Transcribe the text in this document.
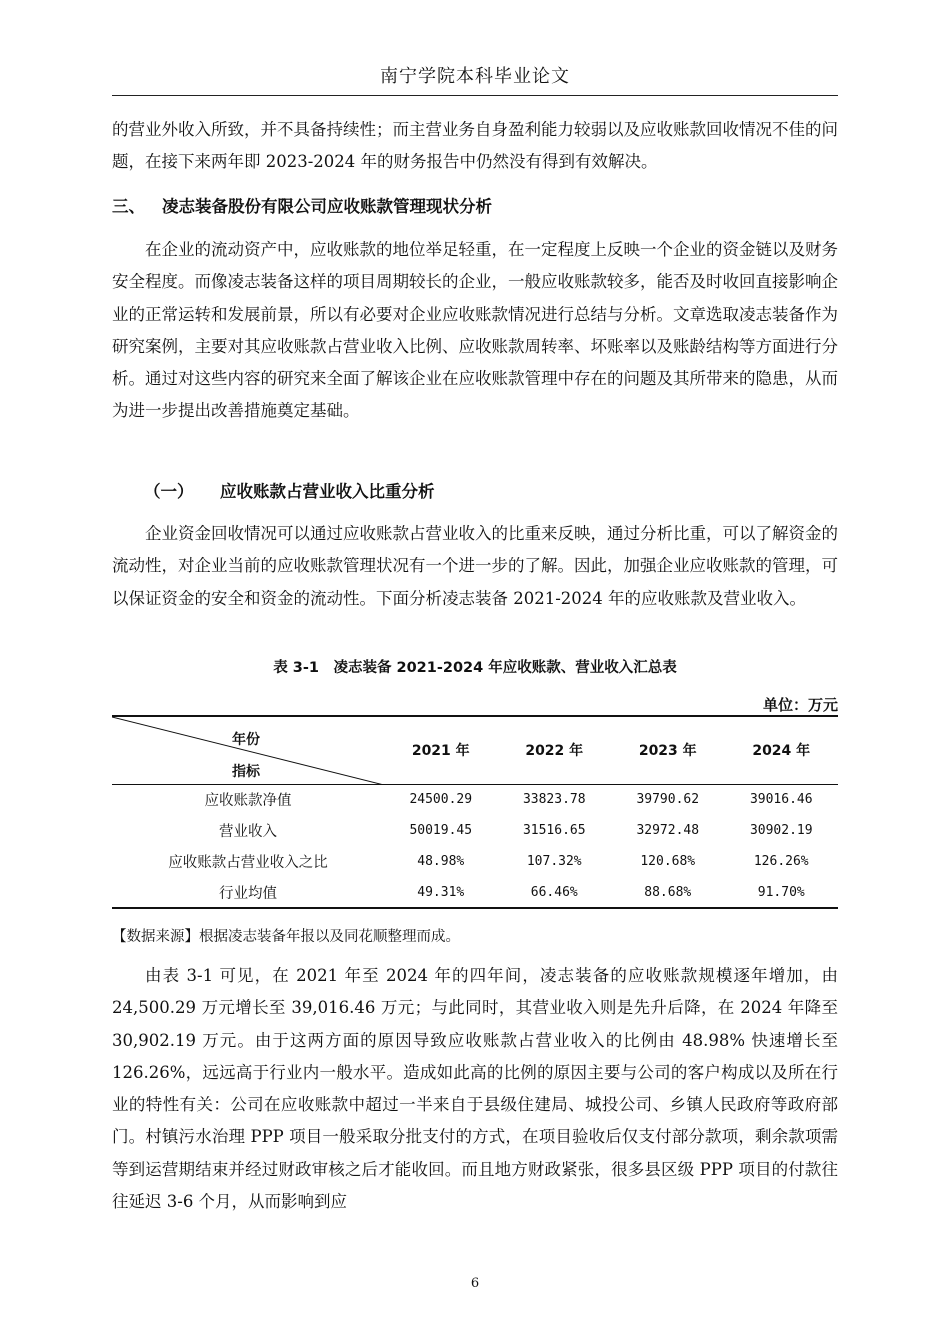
南宁学院本科毕业论文

的营业外收入所致，并不具备持续性；而主营业务自身盈利能力较弱以及应收账款回收情况不佳的问题，在接下来两年即 2023-2024 年的财务报告中仍然没有得到有效解决。

三、 凌志装备股份有限公司应收账款管理现状分析

在企业的流动资产中，应收账款的地位举足轻重，在一定程度上反映一个企业的资金链以及财务安全程度。而像凌志装备这样的项目周期较长的企业，一般应收账款较多，能否及时收回直接影响企业的正常运转和发展前景，所以有必要对企业应收账款情况进行总结与分析。文章选取凌志装备作为研究案例，主要对其应收账款占营业收入比例、应收账款周转率、坏账率以及账龄结构等方面进行分析。通过对这些内容的研究来全面了解该企业在应收账款管理中存在的问题及其所带来的隐患，从而为进一步提出改善措施奠定基础。

（一） 应收账款占营业收入比重分析

企业资金回收情况可以通过应收账款占营业收入的比重来反映，通过分析比重，可以了解资金的流动性，对企业当前的应收账款管理状况有一个进一步的了解。因此，加强企业应收账款的管理，可以保证资金的安全和资金的流动性。下面分析凌志装备 2021-2024 年的应收账款及营业收入。

表 3-1　凌志装备 2021-2024 年应收账款、营业收入汇总表
单位：万元
年份
指标	2021 年	2022 年	2023 年	2024 年
应收账款净值	24500.29	33823.78	39790.62	39016.46
营业收入	50019.45	31516.65	32972.48	30902.19
应收账款占营业收入之比	48.98%	107.32%	120.68%	126.26%
行业均值	49.31%	66.46%	88.68%	91.70%
【数据来源】根据凌志装备年报以及同花顺整理而成。

由表 3-1 可见，在 2021 年至 2024 年的四年间，凌志装备的应收账款规模逐年增加，由 24,500.29 万元增长至 39,016.46 万元；与此同时，其营业收入则是先升后降，在 2024 年降至 30,902.19 万元。由于这两方面的原因导致应收账款占营业收入的比例由 48.98% 快速增长至 126.26%，远远高于行业内一般水平。造成如此高的比例的原因主要与公司的客户构成以及所在行业的特性有关：公司在应收账款中超过一半来自于县级住建局、城投公司、乡镇人民政府等政府部门。村镇污水治理 PPP 项目一般采取分批支付的方式，在项目验收后仅支付部分款项，剩余款项需等到运营期结束并经过财政审核之后才能收回。而且地方财政紧张，很多县区级 PPP 项目的付款往往延迟 3-6 个月，从而影响到应

6
